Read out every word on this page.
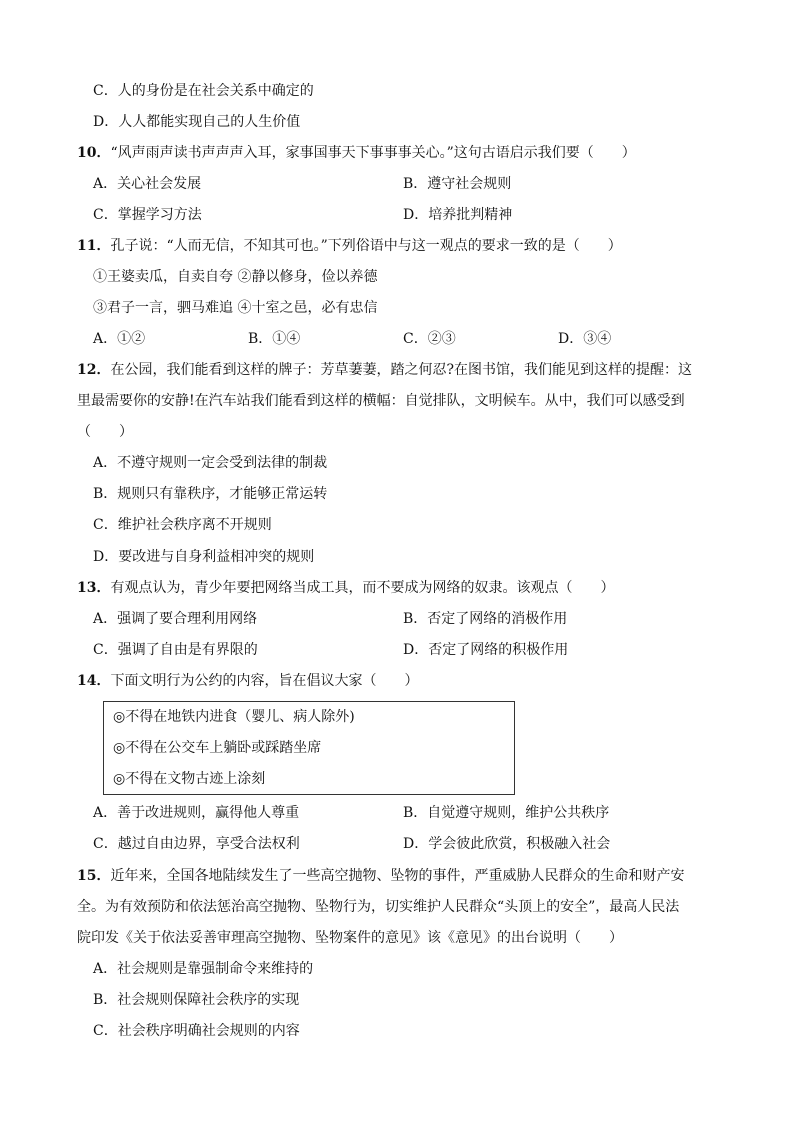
C．人的身份是在社会关系中确定的
D．人人都能实现自己的人生价值
10．“风声雨声读书声声声入耳，家事国事天下事事事关心。”这句古语启示我们要（　　）
A．关心社会发展	B．遵守社会规则
C．掌握学习方法	D．培养批判精神
11．孔子说：“人而无信，不知其可也。”下列俗语中与这一观点的要求一致的是（　　）
①王婆卖瓜，自卖自夸 ②静以修身，俭以养德
③君子一言，驷马难追 ④十室之邑，必有忠信
A．①②	B．①④	C．②③	D．③④
12．在公园，我们能看到这样的牌子：芳草萋萋，踏之何忍?在图书馆，我们能见到这样的提醒：这
里最需要你的安静!在汽车站我们能看到这样的横幅：自觉排队，文明候车。从中，我们可以感受到
（　　）
A．不遵守规则一定会受到法律的制裁
B．规则只有靠秩序，才能够正常运转
C．维护社会秩序离不开规则
D．要改进与自身利益相冲突的规则
13．有观点认为，青少年要把网络当成工具，而不要成为网络的奴隶。该观点（　　）
A．强调了要合理利用网络	B．否定了网络的消极作用
C．强调了自由是有界限的	D．否定了网络的积极作用
14．下面文明行为公约的内容，旨在倡议大家（　　）
◎不得在地铁内进食（婴儿、病人除外)
◎不得在公交车上躺卧或踩踏坐席
◎不得在文物古迹上涂刻
A．善于改进规则，赢得他人尊重	B．自觉遵守规则，维护公共秩序
C．越过自由边界，享受合法权利	D．学会彼此欣赏，积极融入社会
15．近年来，全国各地陆续发生了一些高空抛物、坠物的事件，严重威胁人民群众的生命和财产安
全。为有效预防和依法惩治高空抛物、坠物行为，切实维护人民群众“头顶上的安全”，最高人民法
院印发《关于依法妥善审理高空抛物、坠物案件的意见》该《意见》的出台说明（　　）
A．社会规则是靠强制命令来维持的
B．社会规则保障社会秩序的实现
C．社会秩序明确社会规则的内容
